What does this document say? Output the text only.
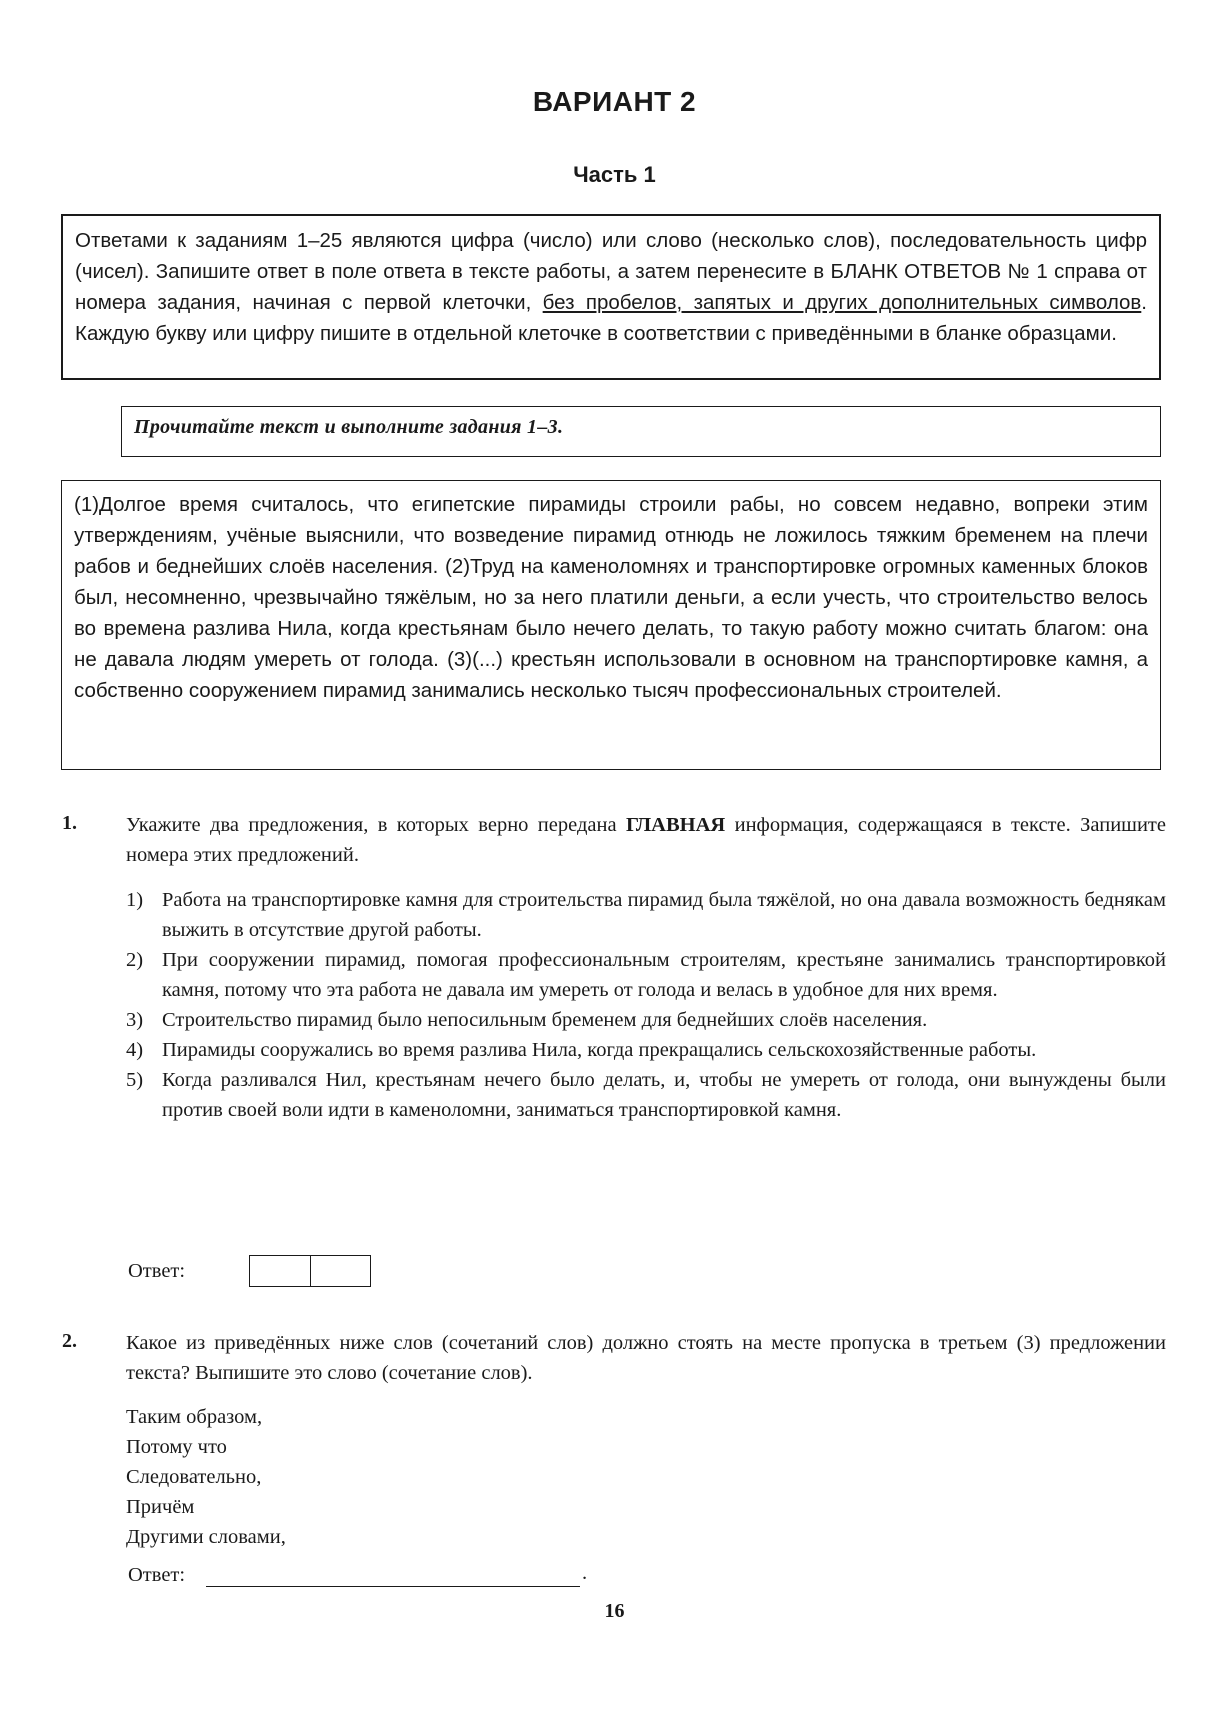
ВАРИАНТ 2
Часть 1
Ответами к заданиям 1–25 являются цифра (число) или слово (несколько слов), последовательность цифр (чисел). Запишите ответ в поле ответа в тексте работы, а затем перенесите в БЛАНК ОТВЕТОВ № 1 справа от номера задания, начиная с первой клеточки, без пробелов, запятых и других дополнительных символов. Каждую букву или цифру пишите в отдельной клеточке в соответствии с приведёнными в бланке образцами.
Прочитайте текст и выполните задания 1–3.
(1)Долгое время считалось, что египетские пирамиды строили рабы, но совсем недавно, вопреки этим утверждениям, учёные выяснили, что возведение пирамид отнюдь не ложилось тяжким бременем на плечи рабов и беднейших слоёв населения. (2)Труд на каменоломнях и транспортировке огромных каменных блоков был, несомненно, чрезвычайно тяжёлым, но за него платили деньги, а если учесть, что строительство велось во времена разлива Нила, когда крестьянам было нечего делать, то такую работу можно считать благом: она не давала людям умереть от голода. (3)(...) крестьян использовали в основном на транспортировке камня, а собственно сооружением пирамид занимались несколько тысяч профессиональных строителей.
1. Укажите два предложения, в которых верно передана ГЛАВНАЯ информация, содержащаяся в тексте. Запишите номера этих предложений.
1) Работа на транспортировке камня для строительства пирамид была тяжёлой, но она давала возможность беднякам выжить в отсутствие другой работы.
2) При сооружении пирамид, помогая профессиональным строителям, крестьяне занимались транспортировкой камня, потому что эта работа не давала им умереть от голода и велась в удобное для них время.
3) Строительство пирамид было непосильным бременем для беднейших слоёв населения.
4) Пирамиды сооружались во время разлива Нила, когда прекращались сельскохозяйственные работы.
5) Когда разливался Нил, крестьянам нечего было делать, и, чтобы не умереть от голода, они вынуждены были против своей воли идти в каменоломни, заниматься транспортировкой камня.
Ответ:
2. Какое из приведённых ниже слов (сочетаний слов) должно стоять на месте пропуска в третьем (3) предложении текста? Выпишите это слово (сочетание слов).
Таким образом,
Потому что
Следовательно,
Причём
Другими словами,
Ответ:	.
16
